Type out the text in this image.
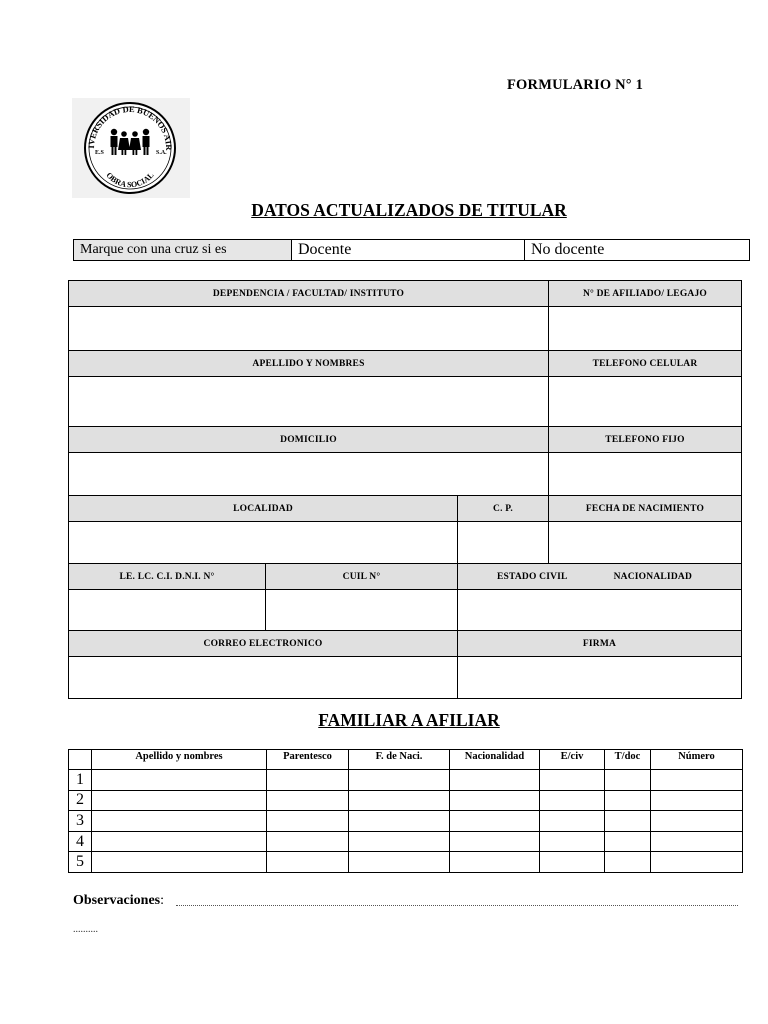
FORMULARIO N° 1
IVERSIDAD DE BUENOS AIR
OBRA SOCIAL
E.S	S.A.
DATOS ACTUALIZADOS DE TITULAR
Marque con una cruz si es	Docente	No docente
DEPENDENCIA / FACULTAD/ INSTITUTO	N° DE AFILIADO/ LEGAJO
APELLIDO Y NOMBRES	TELEFONO CELULAR
DOMICILIO	TELEFONO FIJO
LOCALIDAD	C. P.	FECHA DE NACIMIENTO
LE. LC. C.I. D.N.I. N°	CUIL N°	ESTADO CIVIL	NACIONALIDAD
CORREO ELECTRONICO	FIRMA
FAMILIAR A AFILIAR
	Apellido y nombres	Parentesco	F. de Naci.	Nacionalidad	E/civ	T/doc	Número
1							
2							
3							
4							
5							
Observaciones:
..........
